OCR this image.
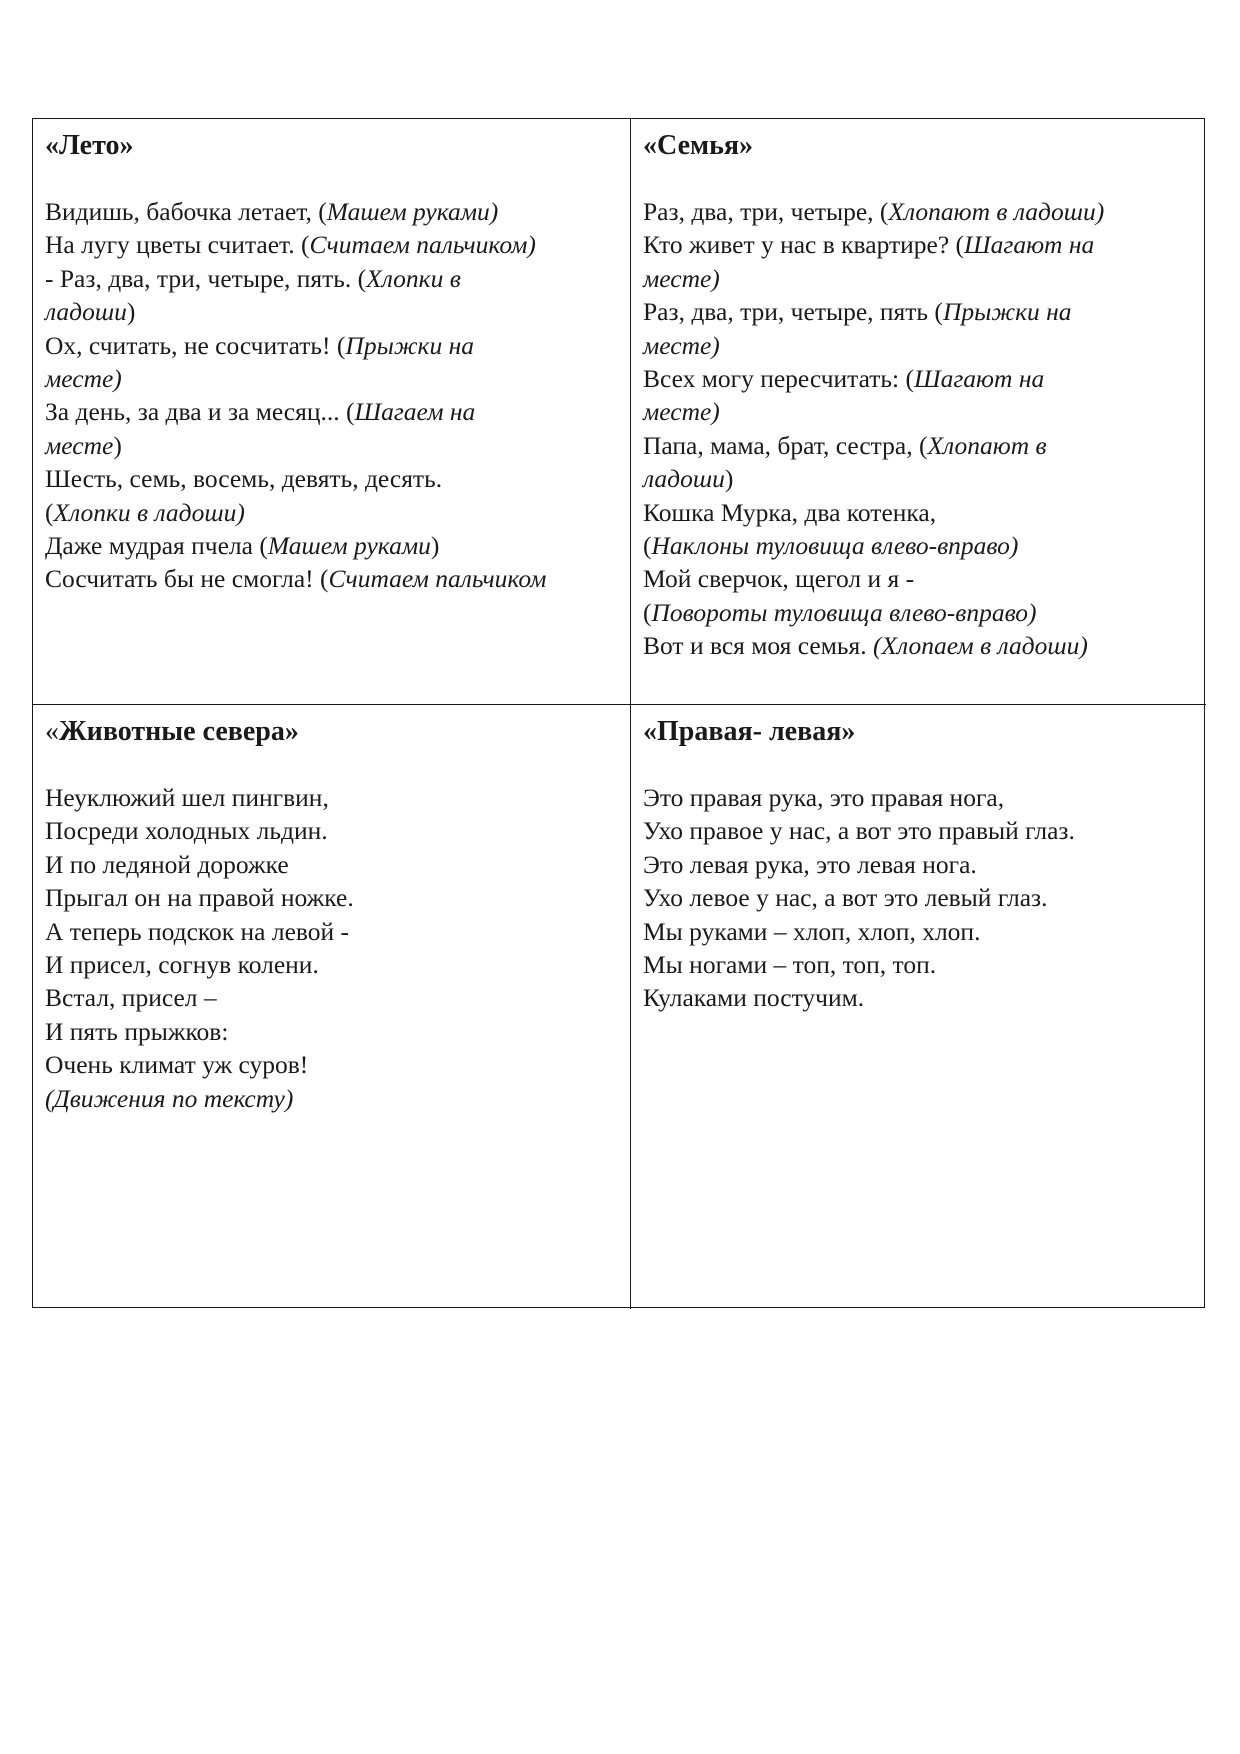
«Лето»
Видишь, бабочка летает, (Машем руками)
На лугу цветы считает. (Считаем пальчиком)
- Раз, два, три, четыре, пять. (Хлопки в
ладоши)
Ох, считать, не сосчитать! (Прыжки на
месте)
За день, за два и за месяц... (Шагаем на
месте)
Шесть, семь, восемь, девять, десять.
(Хлопки в ладоши)
Даже мудрая пчела (Машем руками)
Сосчитать бы не смогла! (Считаем пальчиком
«Семья»
Раз, два, три, четыре, (Хлопают в ладоши)
Кто живет у нас в квартире? (Шагают на
месте)
Раз, два, три, четыре, пять (Прыжки на
месте)
Всех могу пересчитать: (Шагают на
месте)
Папа, мама, брат, сестра, (Хлопают в
ладоши)
Кошка Мурка, два котенка,
(Наклоны туловища влево-вправо)
Мой сверчок, щегол и я -
(Повороты туловища влево-вправо)
Вот и вся моя семья. (Хлопаем в ладоши)
«Животные севера»
Неуклюжий шел пингвин,
Посреди холодных льдин.
И по ледяной дорожке
Прыгал он на правой ножке.
А теперь подскок на левой -
И присел, согнув колени.
Встал, присел –
И пять прыжков:
Очень климат уж суров!
(Движения по тексту)
«Правая- левая»
Это правая рука, это правая нога,
Ухо правое у нас, а вот это правый глаз.
Это левая рука, это левая нога.
Ухо левое у нас, а вот это левый глаз.
Мы руками – хлоп, хлоп, хлоп.
Мы ногами – топ, топ, топ.
Кулаками постучим.
